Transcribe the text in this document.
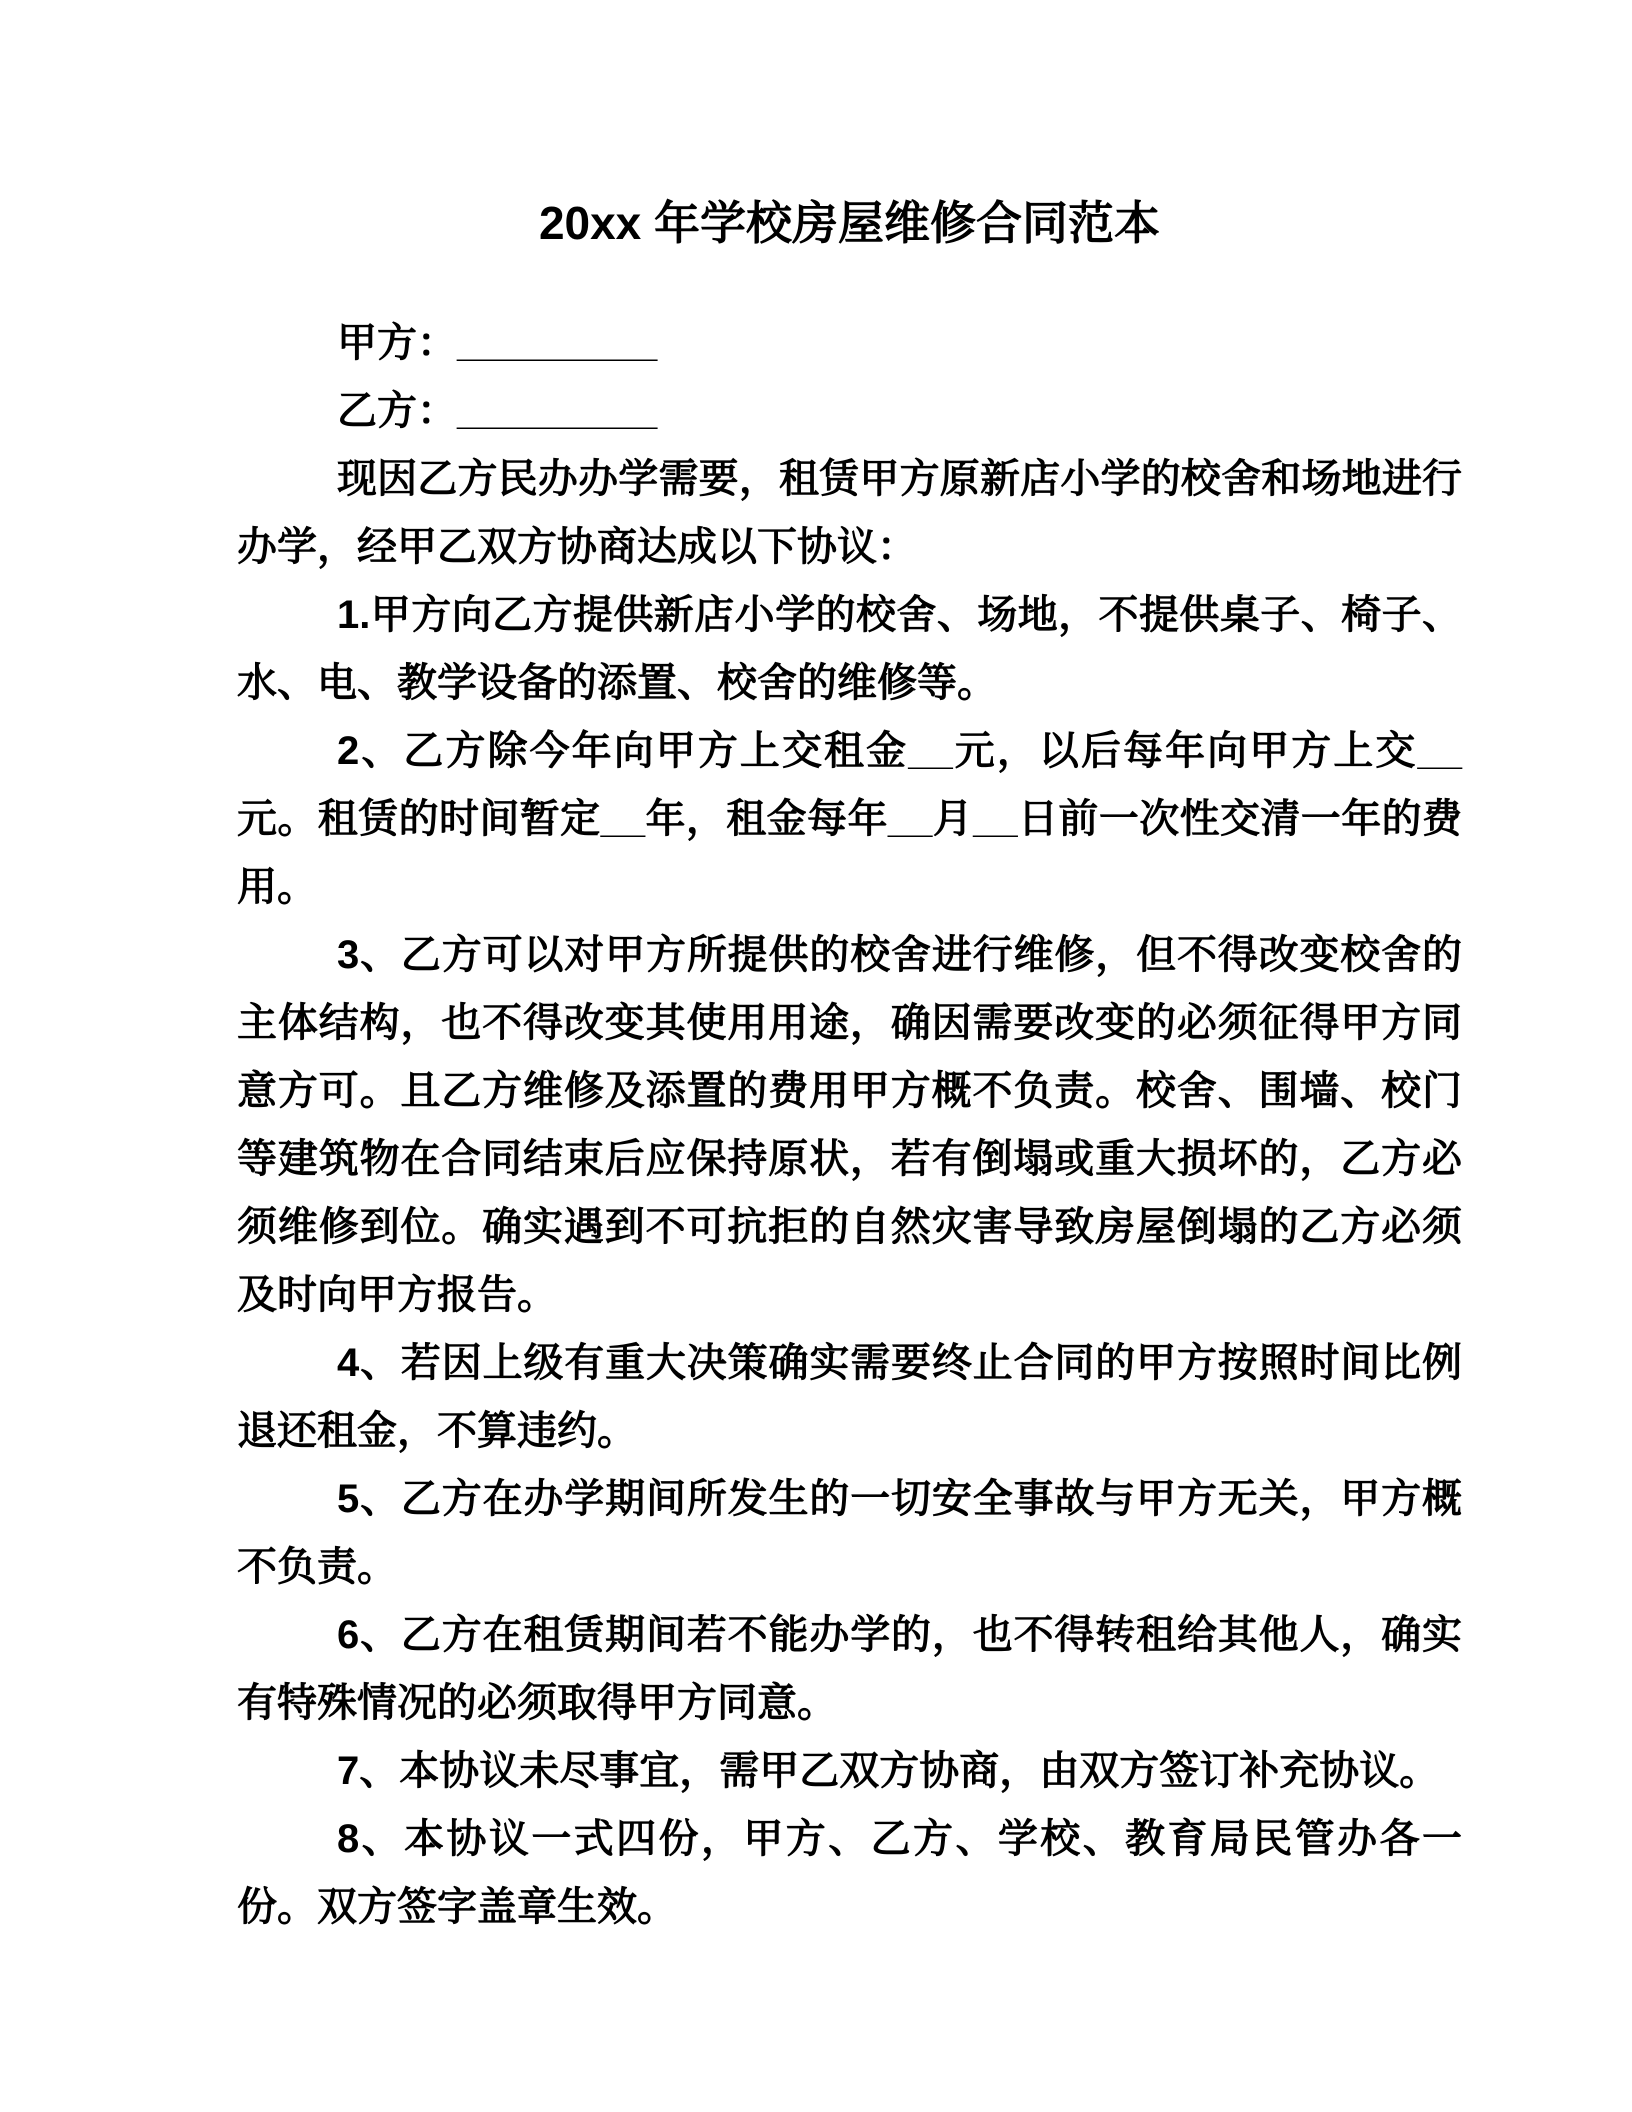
20xx 年学校房屋维修合同范本

甲方：_________

乙方：_________

现因乙方民办办学需要，租赁甲方原新店小学的校舍和场地进行办学，经甲乙双方协商达成以下协议：

1.甲方向乙方提供新店小学的校舍、场地，不提供桌子、椅子、水、电、教学设备的添置、校舍的维修等。

2、乙方除今年向甲方上交租金__元，以后每年向甲方上交__元。租赁的时间暂定__年，租金每年__月__日前一次性交清一年的费用。

3、乙方可以对甲方所提供的校舍进行维修，但不得改变校舍的主体结构，也不得改变其使用用途，确因需要改变的必须征得甲方同意方可。且乙方维修及添置的费用甲方概不负责。校舍、围墙、校门等建筑物在合同结束后应保持原状，若有倒塌或重大损坏的，乙方必须维修到位。确实遇到不可抗拒的自然灾害导致房屋倒塌的乙方必须及时向甲方报告。

4、若因上级有重大决策确实需要终止合同的甲方按照时间比例退还租金，不算违约。

5、乙方在办学期间所发生的一切安全事故与甲方无关，甲方概不负责。

6、乙方在租赁期间若不能办学的，也不得转租给其他人，确实有特殊情况的必须取得甲方同意。

7、本协议未尽事宜，需甲乙双方协商，由双方签订补充协议。

8、本协议一式四份，甲方、乙方、学校、教育局民管办各一份。双方签字盖章生效。
